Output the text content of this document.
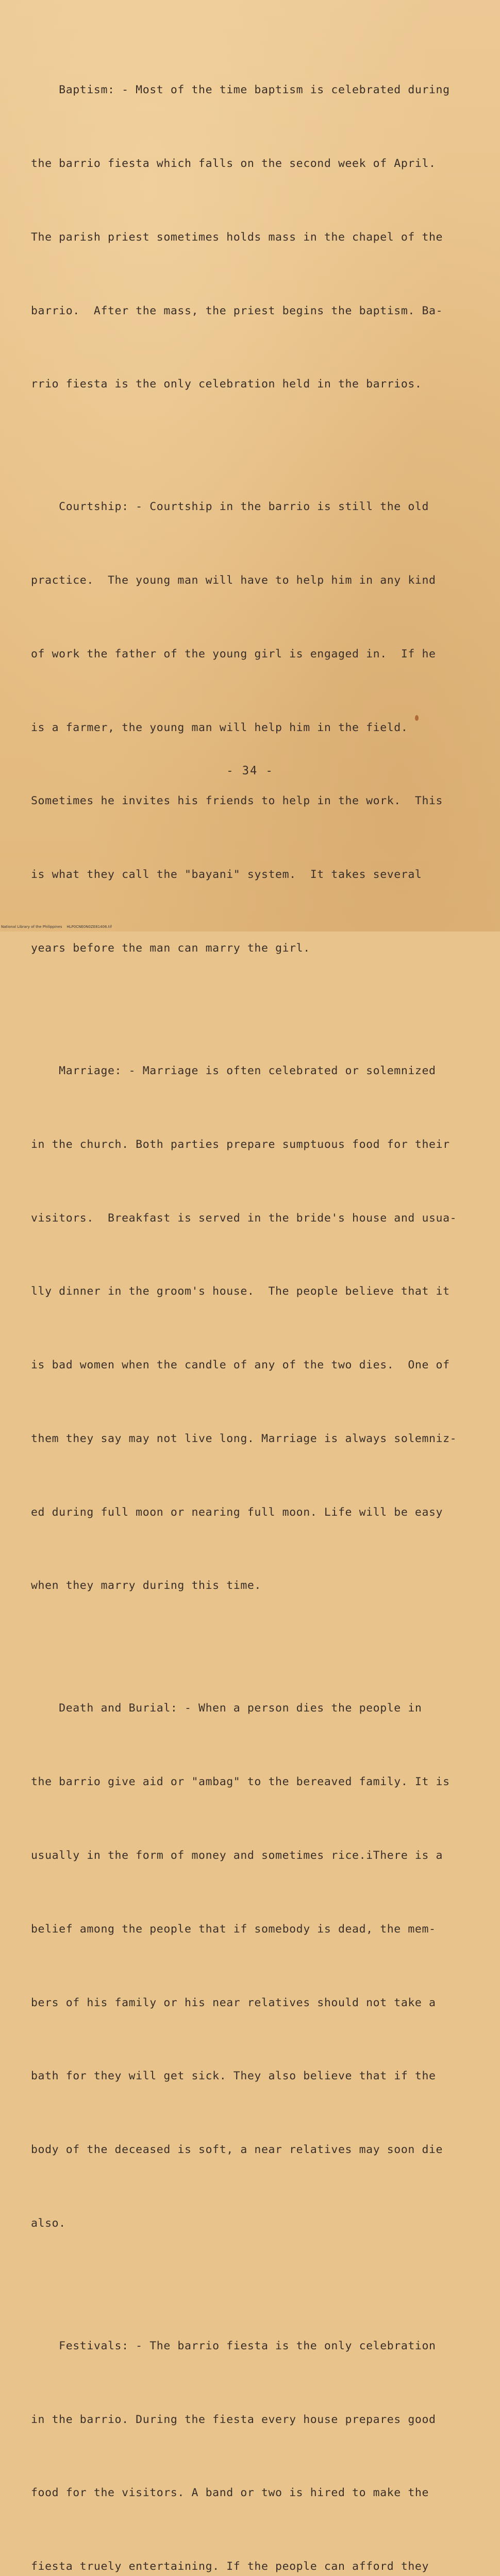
Baptism: - Most of the time baptism is celebrated during

the barrio fiesta which falls on the second week of April.

The parish priest sometimes holds mass in the chapel of the

barrio.  After the mass, the priest begins the baptism. Ba-

rrio fiesta is the only celebration held in the barrios.

Courtship: - Courtship in the barrio is still the old

practice.  The young man will have to help him in any kind

of work the father of the young girl is engaged in.  If he

is a farmer, the young man will help him in the field.

Sometimes he invites his friends to help in the work.  This

is what they call the "bayani" system.  It takes several

years before the man can marry the girl.

Marriage: - Marriage is often celebrated or solemnized

in the church. Both parties prepare sumptuous food for their

visitors.  Breakfast is served in the bride's house and usua-

lly dinner in the groom's house.  The people believe that it

is bad women when the candle of any of the two dies.  One of

them they say may not live long. Marriage is always solemniz-

ed during full moon or nearing full moon. Life will be easy

when they marry during this time.

Death and Burial: - When a person dies the people in

the barrio give aid or "ambag" to the bereaved family. It is

usually in the form of money and sometimes rice.iThere is a

belief among the people that if somebody is dead, the mem-

bers of his family or his near relatives should not take a

bath for they will get sick. They also believe that if the

body of the deceased is soft, a near relatives may soon die

also.

Festivals: - The barrio fiesta is the only celebration

in the barrio. During the fiesta every house prepares good

food for the visitors. A band or two is hired to make the

fiesta truely entertaining. If the people can afford they

- 34 -
National Library of the Philippines    HLP0CNE0N0ZE81406.tif
